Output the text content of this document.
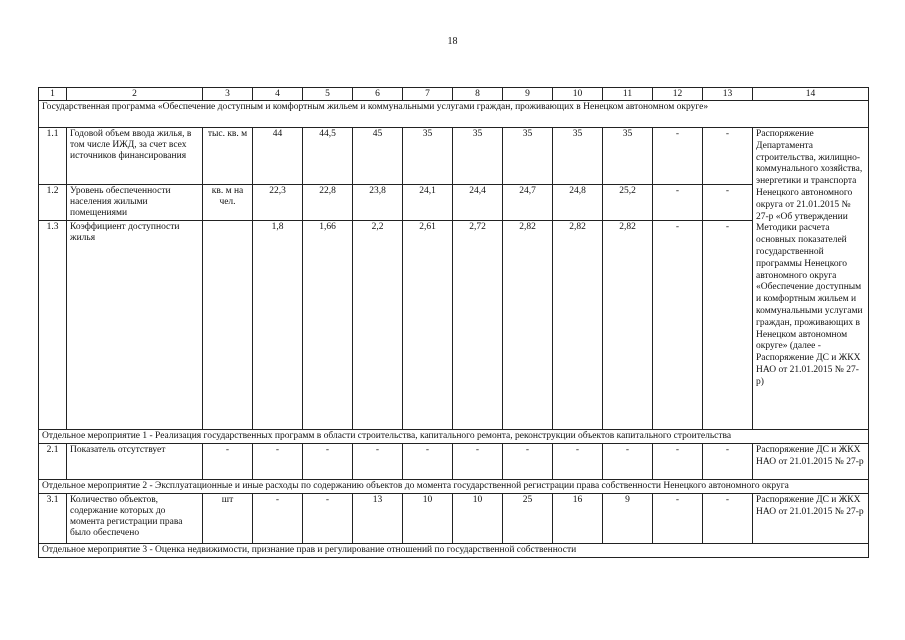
18
1	2	3	4	5	6	7	8	9	10	11	12	13	14
Государственная программа «Обеспечение доступным и комфортным жильем и коммунальными услугами граждан, проживающих в Ненецком автономном округе»													
1.1	Годовой объем ввода жилья, в том числе ИЖД, за счет всех источников финансирования	тыс. кв. м	44	44,5	45	35	35	35	35	35	-	-	Распоряжение Департамента строительства, жилищно-коммунального хозяйства, энергетики и транспорта Ненецкого автономного округа от 21.01.2015 № 27-р «Об утверждении Методики расчета основных показателей государственной программы Ненецкого автономного округа «Обеспечение доступным и комфортным жильем и коммунальными услугами граждан, проживающих в Ненецком автономном округе» (далее - Распоряжение ДС и ЖКХ НАО от 21.01.2015 № 27-р)
1.2	Уровень обеспеченности населения жилыми помещениями	кв. м на чел.	22,3	22,8	23,8	24,1	24,4	24,7	24,8	25,2	-	-	
1.3	Коэффициент доступности жилья		1,8	1,66	2,2	2,61	2,72	2,82	2,82	2,82	-	-	
Отдельное мероприятие 1 - Реализация государственных программ в области строительства, капитального ремонта, реконструкции объектов капитального строительства													
2.1	Показатель отсутствует	-	-	-	-	-	-	-	-	-	-	-	Распоряжение ДС и ЖКХ НАО от 21.01.2015 № 27-р
Отдельное мероприятие 2 - Эксплуатационные и иные расходы по содержанию объектов до момента государственной регистрации права собственности Ненецкого автономного округа													
3.1	Количество объектов, содержание которых до момента регистрации права было обеспечено	шт	-	-	13	10	10	25	16	9	-	-	Распоряжение ДС и ЖКХ НАО от 21.01.2015 № 27-р
Отдельное мероприятие 3 - Оценка недвижимости, признание прав и регулирование отношений по государственной собственности													
